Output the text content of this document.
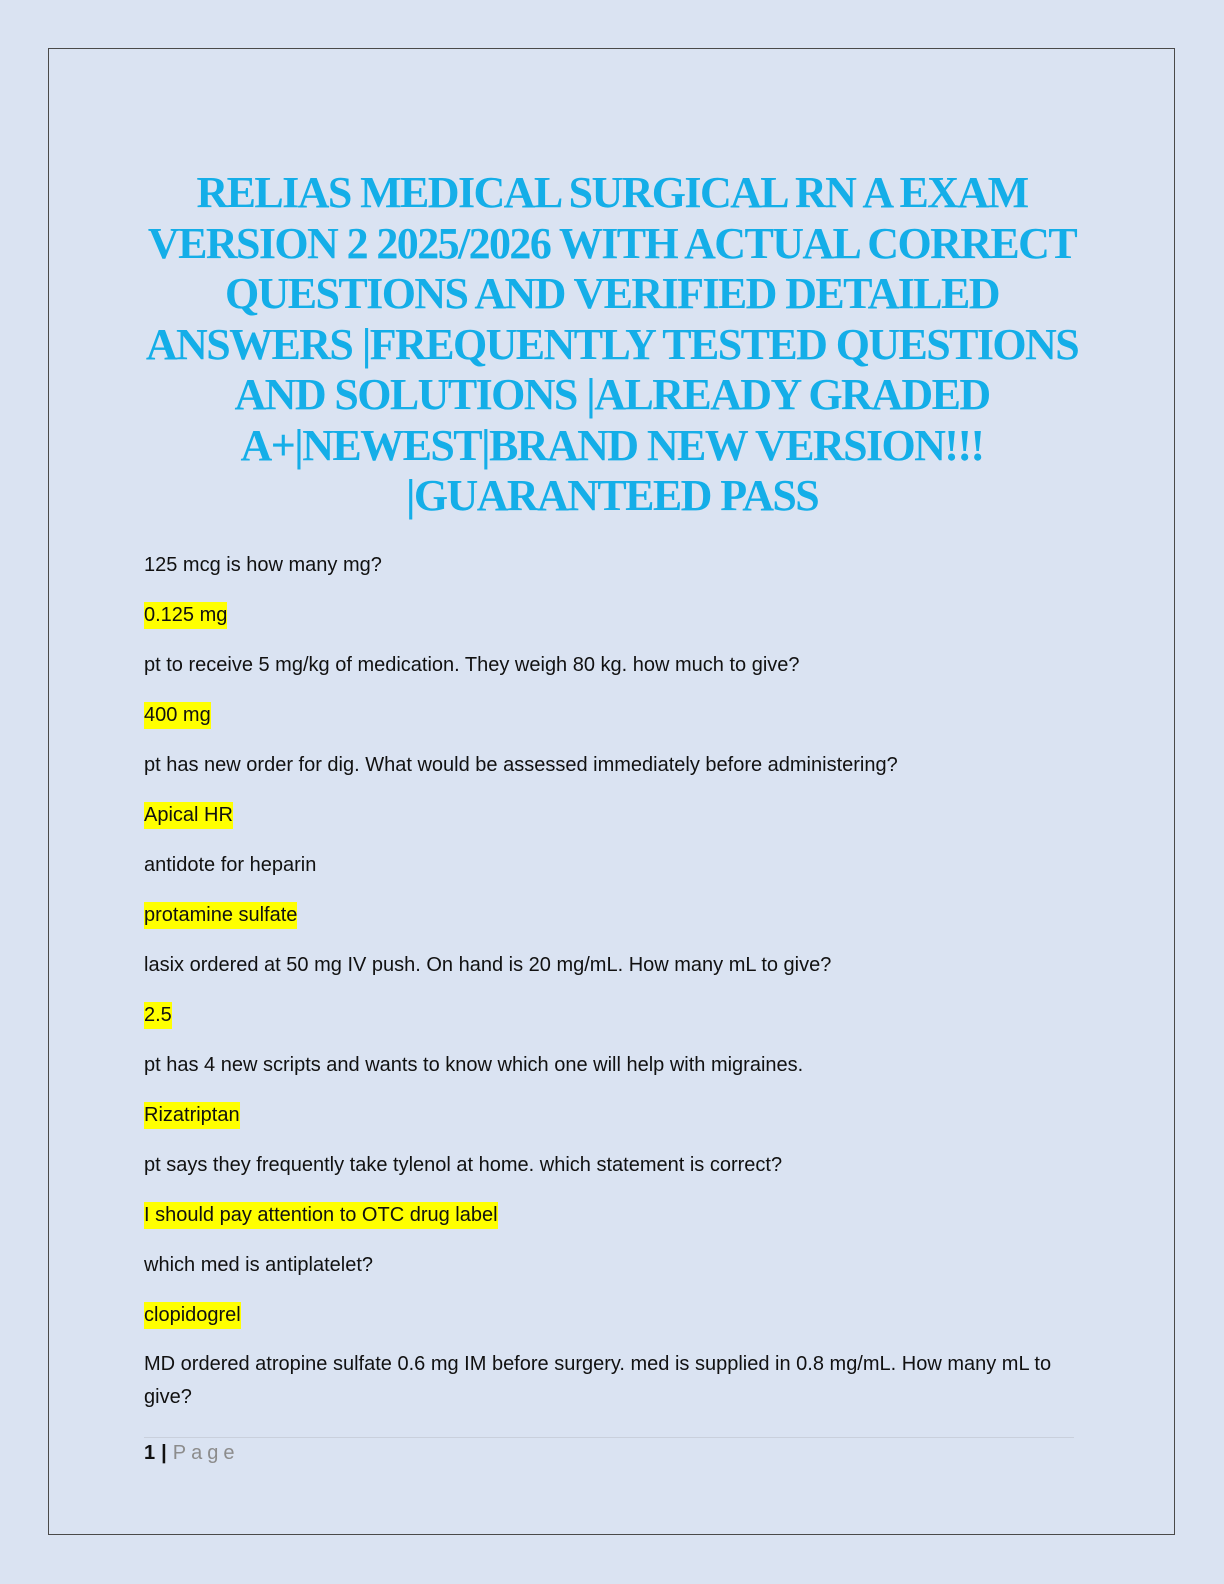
RELIAS MEDICAL SURGICAL RN A EXAM VERSION 2 2025/2026 WITH ACTUAL CORRECT QUESTIONS AND VERIFIED DETAILED ANSWERS |FREQUENTLY TESTED QUESTIONS AND SOLUTIONS |ALREADY GRADED A+|NEWEST|BRAND NEW VERSION!!! |GUARANTEED PASS

125 mcg is how many mg?

0.125 mg

pt to receive 5 mg/kg of medication. They weigh 80 kg. how much to give?

400 mg

pt has new order for dig. What would be assessed immediately before administering?

Apical HR

antidote for heparin

protamine sulfate

lasix ordered at 50 mg IV push. On hand is 20 mg/mL. How many mL to give?

2.5

pt has 4 new scripts and wants to know which one will help with migraines.

Rizatriptan

pt says they frequently take tylenol at home. which statement is correct?

I should pay attention to OTC drug label

which med is antiplatelet?

clopidogrel

MD ordered atropine sulfate 0.6 mg IM before surgery. med is supplied in 0.8 mg/mL. How many mL to give?

1 | Page
